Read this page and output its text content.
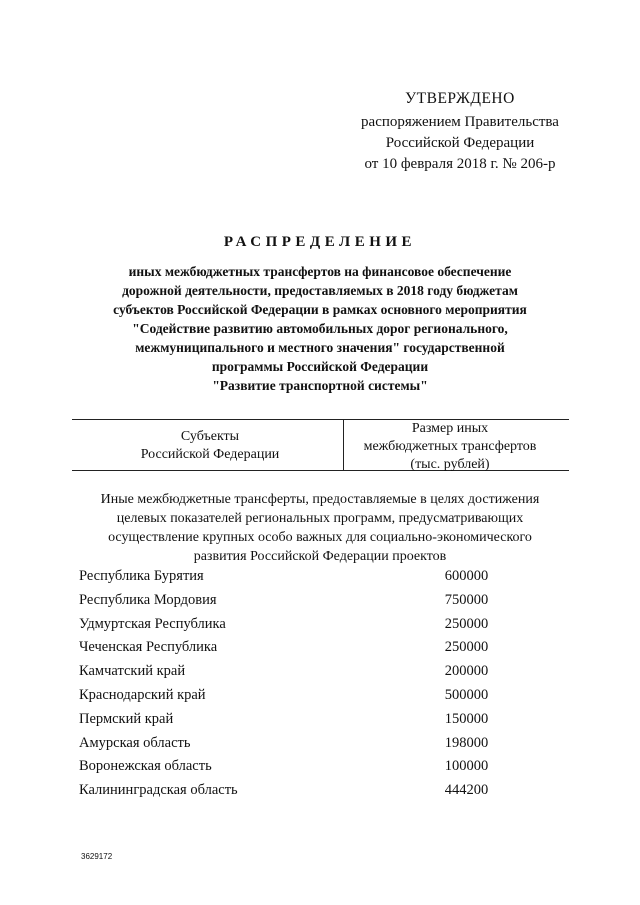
УТВЕРЖДЕНО
распоряжением Правительства
Российской Федерации
от 10 февраля 2018 г. № 206-р
РАСПРЕДЕЛЕНИЕ
иных межбюджетных трансфертов на финансовое обеспечение
дорожной деятельности, предоставляемых в 2018 году бюджетам
субъектов Российской Федерации в рамках основного мероприятия
"Содействие развитию автомобильных дорог регионального,
межмуниципального и местного значения" государственной
программы Российской Федерации
"Развитие транспортной системы"
Субъекты
Российской Федерации
Размер иных
межбюджетных трансфертов
(тыс. рублей)
Иные межбюджетные трансферты, предоставляемые в целях достижения
целевых показателей региональных программ, предусматривающих
осуществление крупных особо важных для социально-экономического
развития Российской Федерации проектов
Республика Бурятия	600000
Республика Мордовия	750000
Удмуртская Республика	250000
Чеченская Республика	250000
Камчатский край	200000
Краснодарский край	500000
Пермский край	150000
Амурская область	198000
Воронежская область	100000
Калининградская область	444200
3629172
